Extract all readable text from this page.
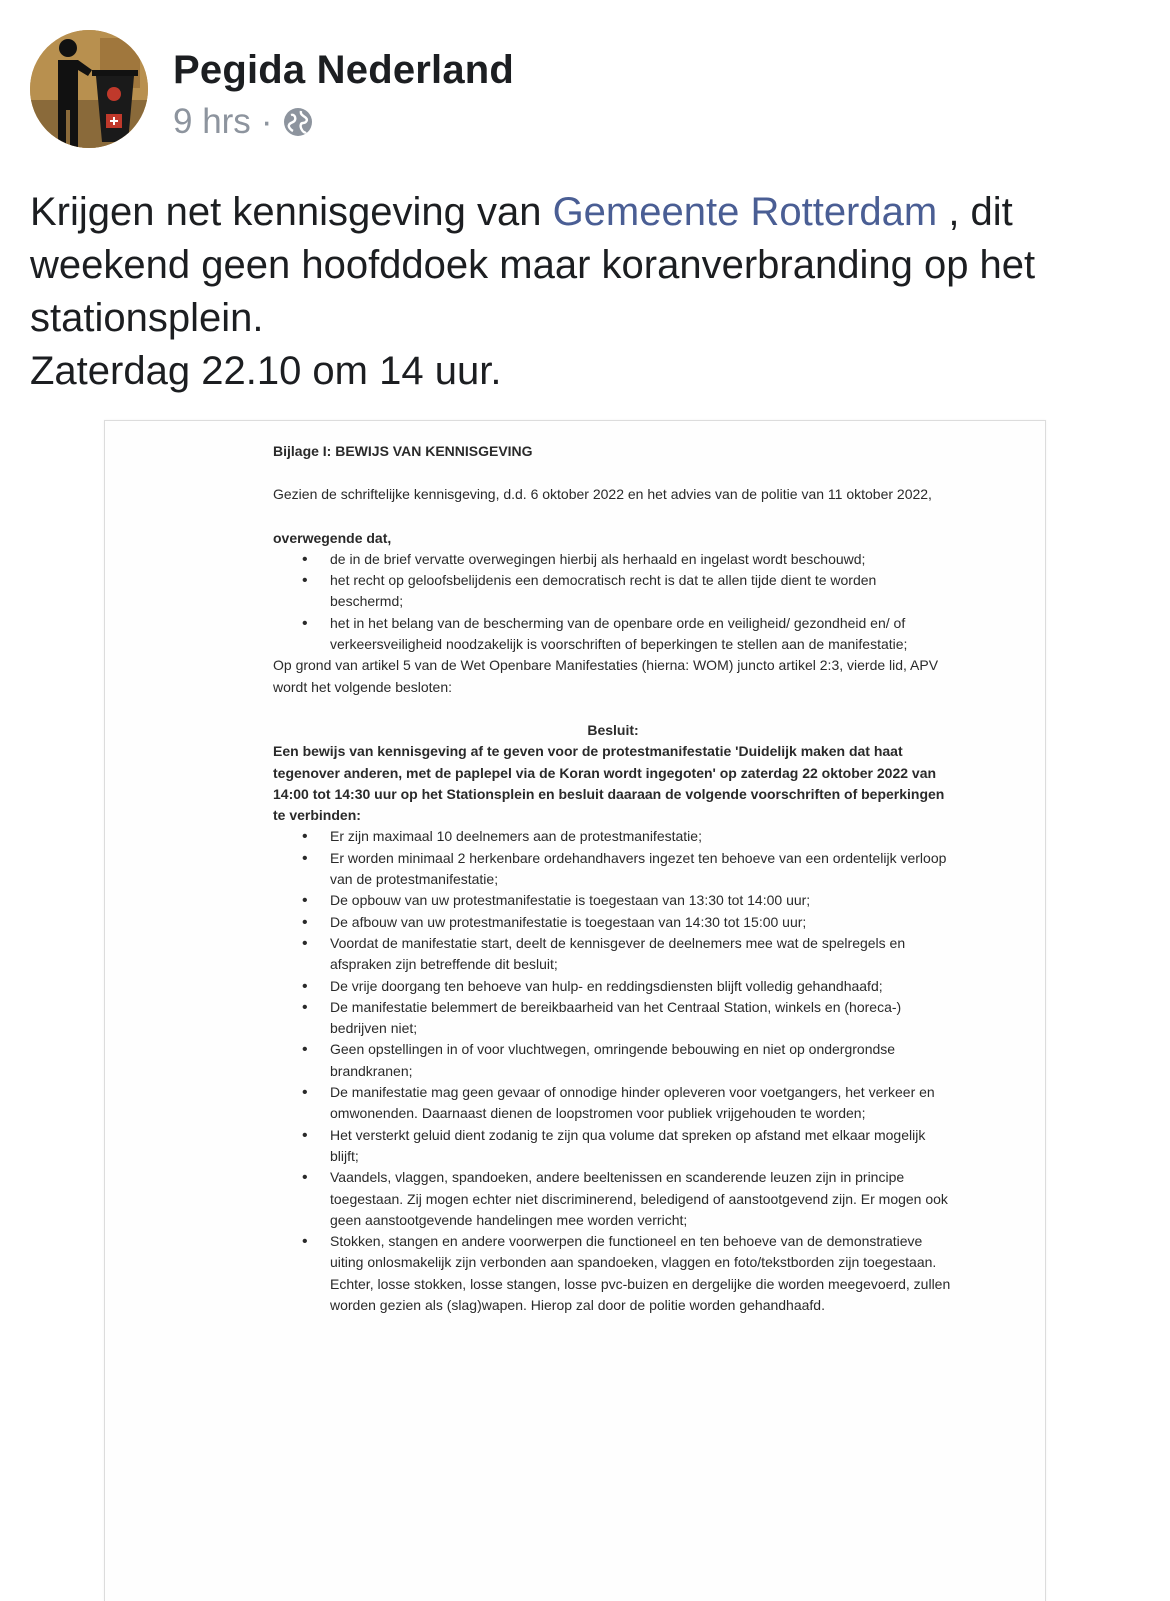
Pegida Nederland
9 hrs ·
Krijgen net kennisgeving van Gemeente Rotterdam , dit weekend geen hoofddoek maar koranverbranding op het stationsplein.
Zaterdag 22.10 om 14 uur.

Bijlage I: BEWIJS VAN KENNISGEVING

Gezien de schriftelijke kennisgeving, d.d. 6 oktober 2022 en het advies van de politie van 11 oktober 2022,

overwegende dat,

• de in de brief vervatte overwegingen hierbij als herhaald en ingelast wordt beschouwd;
• het recht op geloofsbelijdenis een democratisch recht is dat te allen tijde dient te worden beschermd;
• het in het belang van de bescherming van de openbare orde en veiligheid/ gezondheid en/ of verkeersveiligheid noodzakelijk is voorschriften of beperkingen te stellen aan de manifestatie;

Op grond van artikel 5 van de Wet Openbare Manifestaties (hierna: WOM) juncto artikel 2:3, vierde lid, APV wordt het volgende besloten:

Besluit:

Een bewijs van kennisgeving af te geven voor de protestmanifestatie 'Duidelijk maken dat haat tegenover anderen, met de paplepel via de Koran wordt ingegoten' op zaterdag 22 oktober 2022 van 14:00 tot 14:30 uur op het Stationsplein en besluit daaraan de volgende voorschriften of beperkingen te verbinden:

• Er zijn maximaal 10 deelnemers aan de protestmanifestatie;
• Er worden minimaal 2 herkenbare ordehandhavers ingezet ten behoeve van een ordentelijk verloop van de protestmanifestatie;
• De opbouw van uw protestmanifestatie is toegestaan van 13:30 tot 14:00 uur;
• De afbouw van uw protestmanifestatie is toegestaan van 14:30 tot 15:00 uur;
• Voordat de manifestatie start, deelt de kennisgever de deelnemers mee wat de spelregels en afspraken zijn betreffende dit besluit;
• De vrije doorgang ten behoeve van hulp- en reddingsdiensten blijft volledig gehandhaafd;
• De manifestatie belemmert de bereikbaarheid van het Centraal Station, winkels en (horeca-) bedrijven niet;
• Geen opstellingen in of voor vluchtwegen, omringende bebouwing en niet op ondergrondse brandkranen;
• De manifestatie mag geen gevaar of onnodige hinder opleveren voor voetgangers, het verkeer en omwonenden. Daarnaast dienen de loopstromen voor publiek vrijgehouden te worden;
• Het versterkt geluid dient zodanig te zijn qua volume dat spreken op afstand met elkaar mogelijk blijft;
• Vaandels, vlaggen, spandoeken, andere beeltenissen en scanderende leuzen zijn in principe toegestaan. Zij mogen echter niet discriminerend, beledigend of aanstootgevend zijn. Er mogen ook geen aanstootgevende handelingen mee worden verricht;
• Stokken, stangen en andere voorwerpen die functioneel en ten behoeve van de demonstratieve uiting onlosmakelijk zijn verbonden aan spandoeken, vlaggen en foto/tekstborden zijn toegestaan. Echter, losse stokken, losse stangen, losse pvc-buizen en dergelijke die worden meegevoerd, zullen worden gezien als (slag)wapen. Hierop zal door de politie worden gehandhaafd.
